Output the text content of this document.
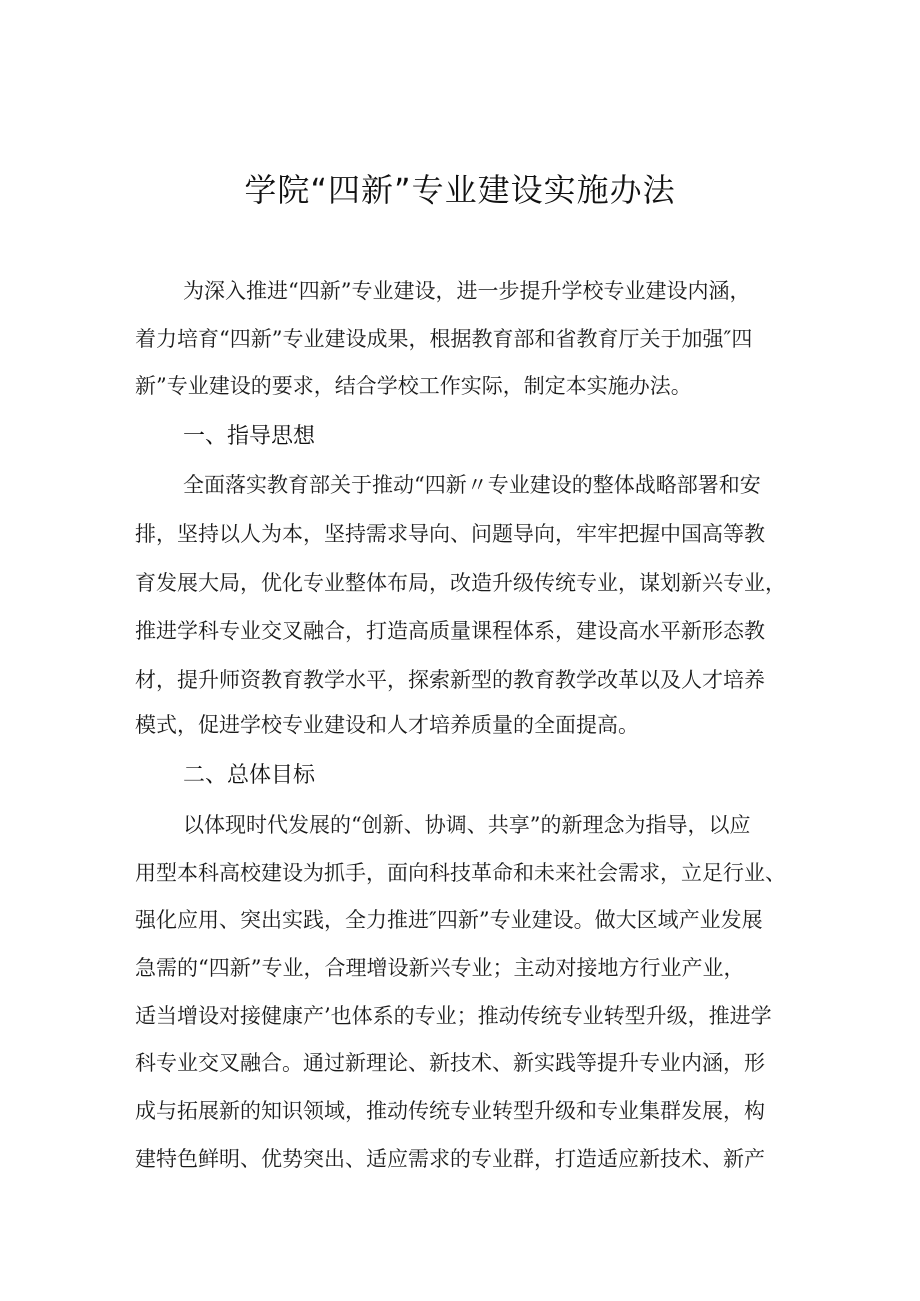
学院“四新”专业建设实施办法
为深入推进“四新”专业建设，进一步提升学校专业建设内涵，
着力培育“四新”专业建设成果，根据教育部和省教育厅关于加强″四
新”专业建设的要求，结合学校工作实际，制定本实施办法。
一、指导思想
全面落实教育部关于推动“四新〃专业建设的整体战略部署和安
排，坚持以人为本，坚持需求导向、问题导向，牢牢把握中国高等教
育发展大局，优化专业整体布局，改造升级传统专业，谋划新兴专业，
推进学科专业交叉融合，打造高质量课程体系，建设高水平新形态教
材，提升师资教育教学水平，探索新型的教育教学改革以及人才培养
模式，促进学校专业建设和人才培养质量的全面提高。
二、总体目标
以体现时代发展的“创新、协调、共享”的新理念为指导，以应
用型本科高校建设为抓手，面向科技革命和未来社会需求，立足行业、
强化应用、突出实践，全力推进″四新”专业建设。做大区域产业发展
急需的“四新”专业，合理增设新兴专业；主动对接地方行业产业，
适当增设对接健康产’也体系的专业；推动传统专业转型升级，推进学
科专业交叉融合。通过新理论、新技术、新实践等提升专业内涵，形
成与拓展新的知识领域，推动传统专业转型升级和专业集群发展，构
建特色鲜明、优势突出、适应需求的专业群，打造适应新技术、新产
